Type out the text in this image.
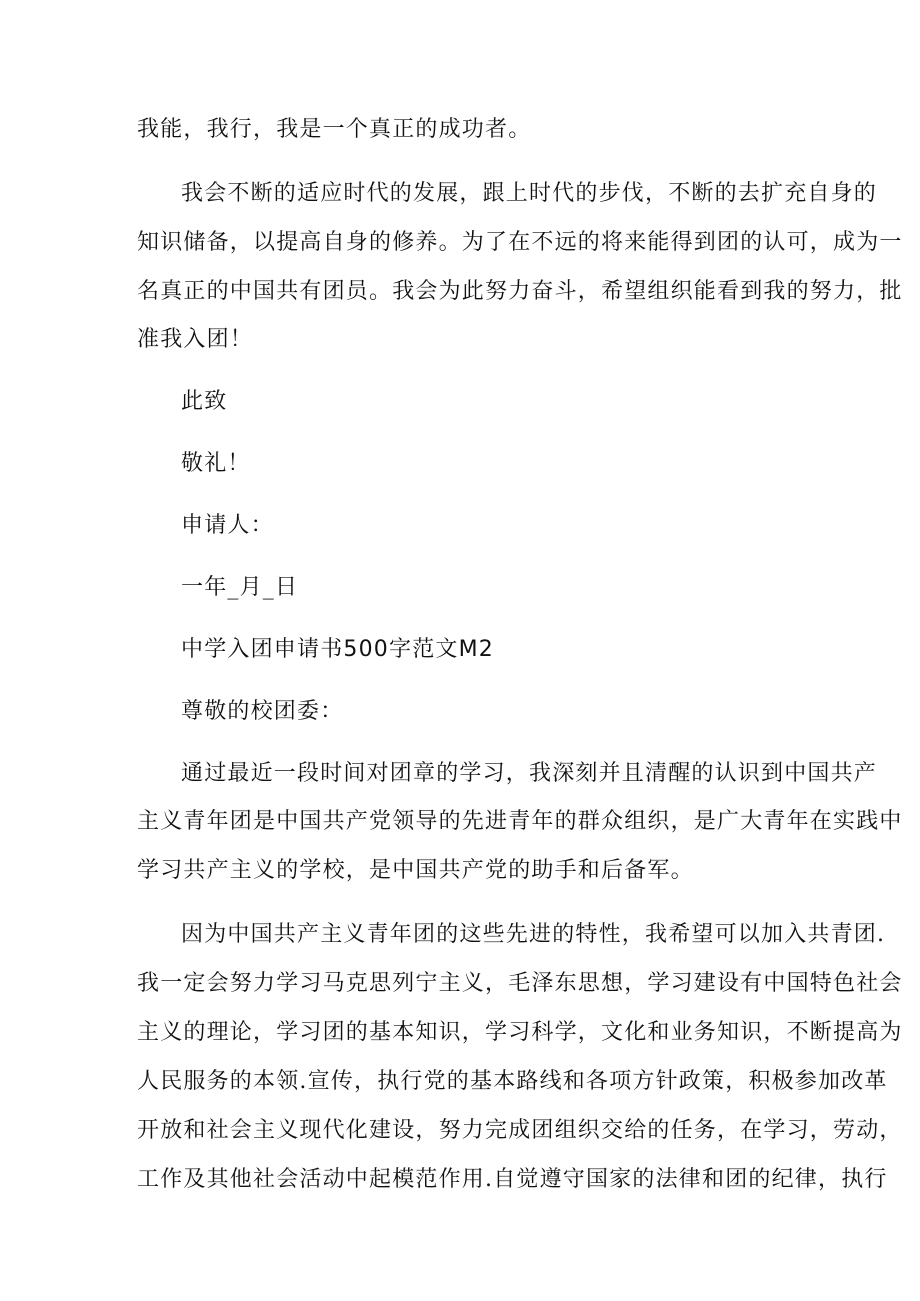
我能，我行，我是一个真正的成功者。
我会不断的适应时代的发展，跟上时代的步伐，不断的去扩充自身的
知识储备，以提高自身的修养。为了在不远的将来能得到团的认可，成为一
名真正的中国共有团员。我会为此努力奋斗，希望组织能看到我的努力，批
准我入团！
此致
敬礼！
申请人：
一年_月_日
中学入团申请书500字范文M2
尊敬的校团委：
通过最近一段时间对团章的学习，我深刻并且清醒的认识到中国共产
主义青年团是中国共产党领导的先进青年的群众组织，是广大青年在实践中
学习共产主义的学校，是中国共产党的助手和后备军。
因为中国共产主义青年团的这些先进的特性，我希望可以加入共青团.
我一定会努力学习马克思列宁主义，毛泽东思想，学习建设有中国特色社会
主义的理论，学习团的基本知识，学习科学，文化和业务知识，不断提高为
人民服务的本领.宣传，执行党的基本路线和各项方针政策，积极参加改革
开放和社会主义现代化建设，努力完成团组织交给的任务，在学习，劳动，
工作及其他社会活动中起模范作用.自觉遵守国家的法律和团的纪律，执行
